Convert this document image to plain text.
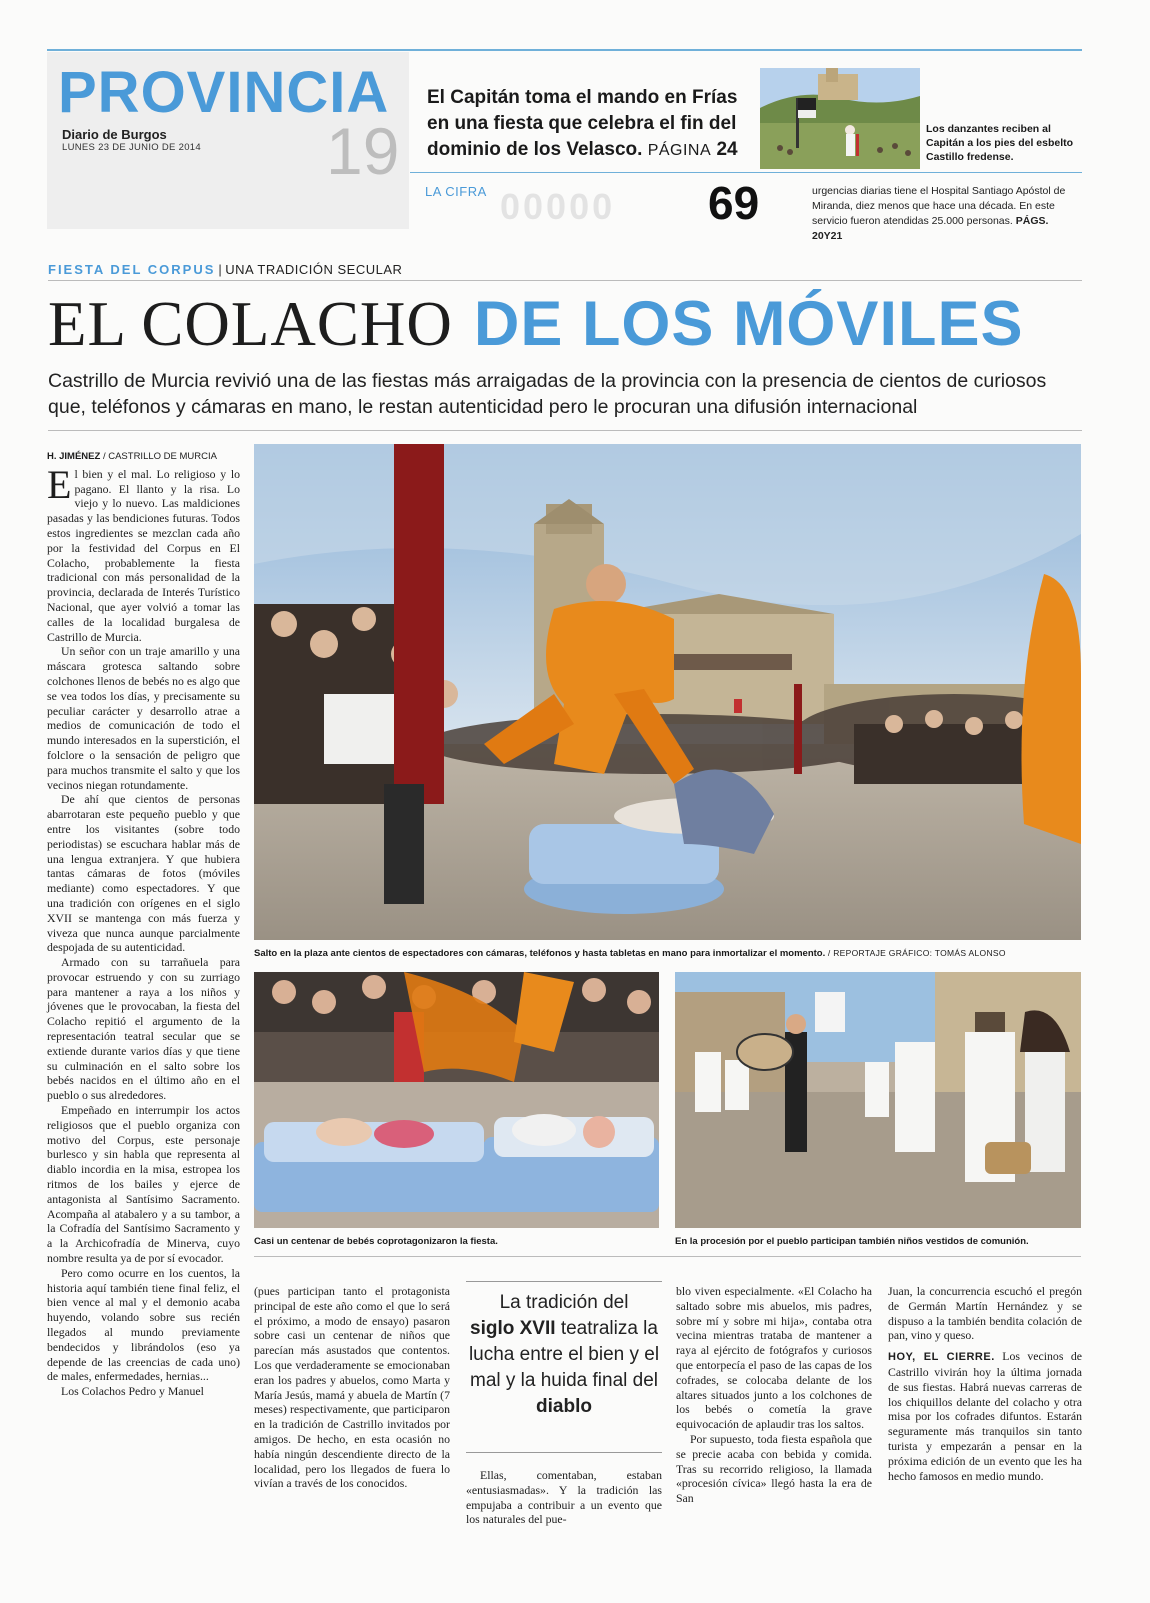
PROVINCIA
Diario de Burgos
LUNES 23 DE JUNIO DE 2014 19
El Capitán toma el mando en Frías en una fiesta que celebra el fin del dominio de los Velasco. PÁGINA 24
Los danzantes reciben al Capitán a los pies del esbelto Castillo fredense.
LA CIFRA 00000 69	urgencias diarias tiene el Hospital Santiago Apóstol de Miranda, diez menos que hace una década. En este servicio fueron atendidas 25.000 personas. PÁGS. 20Y21
FIESTA DEL CORPUS | UNA TRADICIÓN SECULAR
EL COLACHO DE LOS MÓVILES
Castrillo de Murcia revivió una de las fiestas más arraigadas de la provincia con la presencia de cientos de curiosos que, teléfonos y cámaras en mano, le restan autenticidad pero le procuran una difusión internacional
H. JIMÉNEZ / CASTRILLO DE MURCIA

El bien y el mal. Lo religioso y lo pagano. El llanto y la risa. Lo viejo y lo nuevo. Las maldiciones pasadas y las bendiciones futuras. Todos estos ingredientes se mezclan cada año por la festividad del Corpus en El Colacho, probablemente la fiesta tradicional con más personalidad de la provincia, declarada de Interés Turístico Nacional, que ayer volvió a tomar las calles de la localidad burgalesa de Castrillo de Murcia.

Un señor con un traje amarillo y una máscara grotesca saltando sobre colchones llenos de bebés no es algo que se vea todos los días, y precisamente su peculiar carácter y desarrollo atrae a medios de comunicación de todo el mundo interesados en la superstición, el folclore o la sensación de peligro que para muchos transmite el salto y que los vecinos niegan rotundamente.

De ahí que cientos de personas abarrotaran este pequeño pueblo y que entre los visitantes (sobre todo periodistas) se escuchara hablar más de una lengua extranjera. Y que hubiera tantas cámaras de fotos (móviles mediante) como espectadores. Y que una tradición con orígenes en el siglo XVII se mantenga con más fuerza y viveza que nunca aunque parcialmente despojada de su autenticidad.

Armado con su tarrañuela para provocar estruendo y con su zurriago para mantener a raya a los niños y jóvenes que le provocaban, la fiesta del Colacho repitió el argumento de la representación teatral secular que se extiende durante varios días y que tiene su culminación en el salto sobre los bebés nacidos en el último año en el pueblo o sus alrededores.

Empeñado en interrumpir los actos religiosos que el pueblo organiza con motivo del Corpus, este personaje burlesco y sin habla que representa al diablo incordia en la misa, estropea los ritmos de los bailes y ejerce de antagonista al Santísimo Sacramento. Acompaña al atabalero y a su tambor, a la Cofradía del Santísimo Sacramento y a la Archicofradía de Minerva, cuyo nombre resulta ya de por sí evocador.

Pero como ocurre en los cuentos, la historia aquí también tiene final feliz, el bien vence al mal y el demonio acaba huyendo, volando sobre sus recién llegados al mundo previamente bendecidos y librándolos (eso ya depende de las creencias de cada uno) de males, enfermedades, hernias...

Los Colachos Pedro y Manuel

Salto en la plaza ante cientos de espectadores con cámaras, teléfonos y hasta tabletas en mano para inmortalizar el momento. / REPORTAJE GRÁFICO: TOMÁS ALONSO
Casi un centenar de bebés coprotagonizaron la fiesta.	En la procesión por el pueblo participan también niños vestidos de comunión.

(pues participan tanto el protagonista principal de este año como el que lo será el próximo, a modo de ensayo) pasaron sobre casi un centenar de niños que parecían más asustados que contentos. Los que verdaderamente se emocionaban eran los padres y abuelos, como Marta y María Jesús, mamá y abuela de Martín (7 meses) respectivamente, que participaron en la tradición de Castrillo invitados por amigos. De hecho, en esta ocasión no había ningún descendiente directo de la localidad, pero los llegados de fuera lo vivían a través de los conocidos.

La tradición del
siglo XVII teatraliza la lucha entre el bien y el mal y la huida final del diablo

Ellas, comentaban, estaban «entusiasmadas». Y la tradición las empujaba a contribuir a un evento que los naturales del pue-

blo viven especialmente. «El Colacho ha saltado sobre mis abuelos, mis padres, sobre mí y sobre mi hija», contaba otra vecina mientras trataba de mantener a raya al ejército de fotógrafos y curiosos que entorpecía el paso de las capas de los cofrades, se colocaba delante de los altares situados junto a los colchones de los bebés o cometía la grave equivocación de aplaudir tras los saltos.

Por supuesto, toda fiesta española que se precie acaba con bebida y comida. Tras su recorrido religioso, la llamada «procesión cívica» llegó hasta la era de San

Juan, la concurrencia escuchó el pregón de Germán Martín Hernández y se dispuso a la también bendita colación de pan, vino y queso.

HOY, EL CIERRE. Los vecinos de Castrillo vivirán hoy la última jornada de sus fiestas. Habrá nuevas carreras de los chiquillos delante del colacho y otra misa por los cofrades difuntos. Estarán seguramente más tranquilos sin tanto turista y empezarán a pensar en la próxima edición de un evento que les ha hecho famosos en medio mundo.
